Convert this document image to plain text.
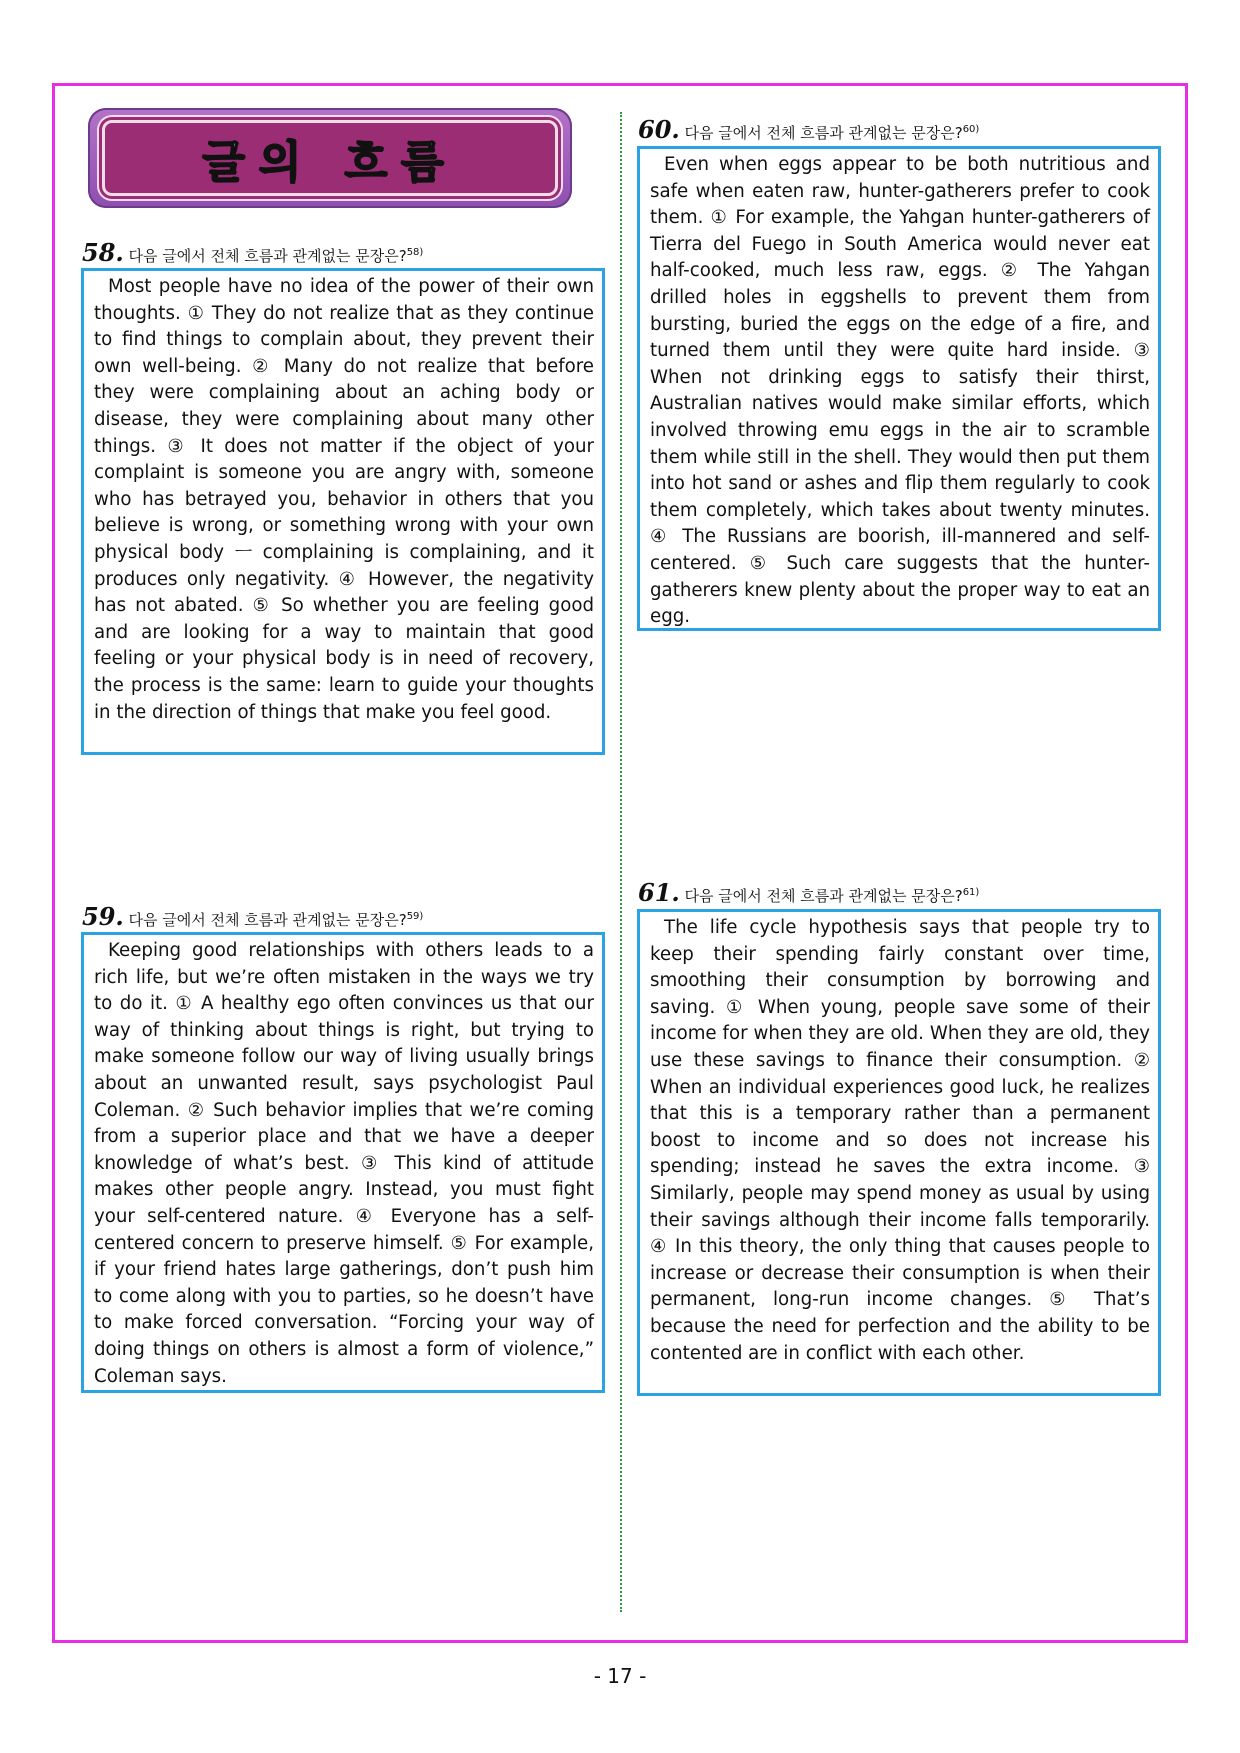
글의 흐름
58. 다음 글에서 전체 흐름과 관계없는 문장은?$^{58)}$

Most people have no idea of the power of their own thoughts. ① They do not realize that as they continue to find things to complain about, they prevent their own well-being. ② Many do not realize that before they were complaining about an aching body or disease, they were complaining about many other things. ③ It does not matter if the object of your complaint is someone you are angry with, someone who has betrayed you, behavior in others that you believe is wrong, or something wrong with your own physical body ㅡ complaining is complaining, and it produces only negativity. ④ However, the negativity has not abated. ⑤ So whether you are feeling good and are looking for a way to maintain that good feeling or your physical body is in need of recovery, the process is the same: learn to guide your thoughts in the direction of things that make you feel good.

59. 다음 글에서 전체 흐름과 관계없는 문장은?$^{59)}$

Keeping good relationships with others leads to a rich life, but we’re often mistaken in the ways we try to do it. ① A healthy ego often convinces us that our way of thinking about things is right, but trying to make someone follow our way of living usually brings about an unwanted result, says psychologist Paul Coleman. ② Such behavior implies that we’re coming from a superior place and that we have a deeper knowledge of what’s best. ③ This kind of attitude makes other people angry. Instead, you must fight your self-centered nature. ④ Everyone has a self-centered concern to preserve himself. ⑤ For example, if your friend hates large gatherings, don’t push him to come along with you to parties, so he doesn’t have to make forced conversation. “Forcing your way of doing things on others is almost a form of violence,” Coleman says.

60. 다음 글에서 전체 흐름과 관계없는 문장은?$^{60)}$

Even when eggs appear to be both nutritious and safe when eaten raw, hunter-gatherers prefer to cook them. ① For example, the Yahgan hunter-gatherers of Tierra del Fuego in South America would never eat half-cooked, much less raw, eggs. ② The Yahgan drilled holes in eggshells to prevent them from bursting, buried the eggs on the edge of a fire, and turned them until they were quite hard inside. ③ When not drinking eggs to satisfy their thirst, Australian natives would make similar efforts, which involved throwing emu eggs in the air to scramble them while still in the shell. They would then put them into hot sand or ashes and flip them regularly to cook them completely, which takes about twenty minutes. ④ The Russians are boorish, ill-mannered and self-centered. ⑤ Such care suggests that the hunter-gatherers knew plenty about the proper way to eat an egg.

61. 다음 글에서 전체 흐름과 관계없는 문장은?$^{61)}$

The life cycle hypothesis says that people try to keep their spending fairly constant over time, smoothing their consumption by borrowing and saving. ① When young, people save some of their income for when they are old. When they are old, they use these savings to finance their consumption. ② When an individual experiences good luck, he realizes that this is a temporary rather than a permanent boost to income and so does not increase his spending; instead he saves the extra income. ③ Similarly, people may spend money as usual by using their savings although their income falls temporarily. ④ In this theory, the only thing that causes people to increase or decrease their consumption is when their permanent, long-run income changes. ⑤ That’s because the need for perfection and the ability to be contented are in conflict with each other.

- 17 -
